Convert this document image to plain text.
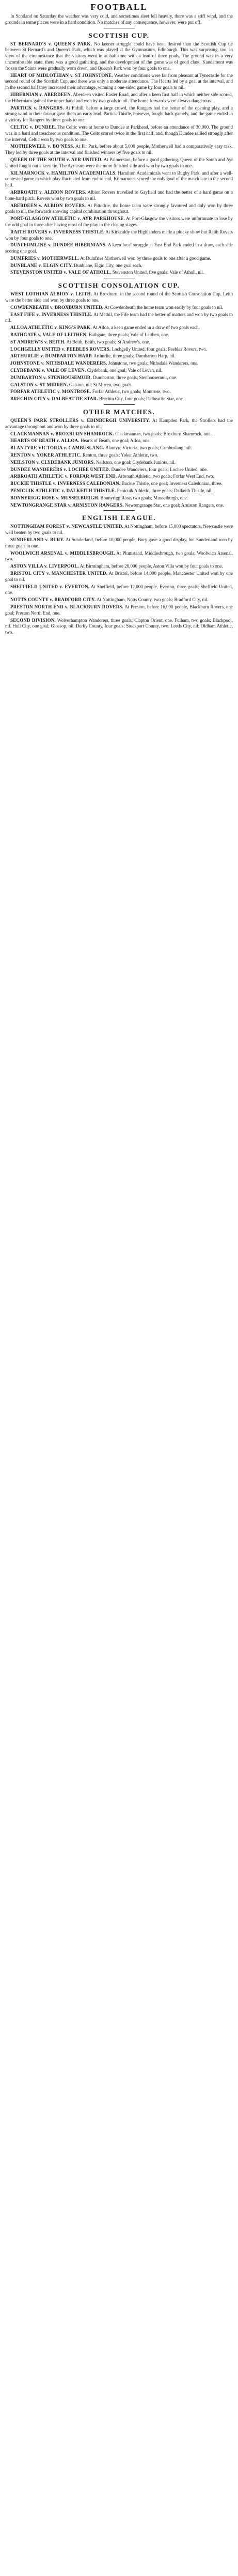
FOOTBALL

In Scotland on Saturday the weather was very cold, and sometimes sleet fell heavily, there was a stiff wind, and the grounds in some places were in a hard condition. No matches of any consequence, however, were put off.

SCOTTISH CUP.

ST BERNARD'S v. QUEEN'S PARK. No keener struggle could have been desired than the Scottish Cup tie between St Bernard's and Queen's Park, which was played at the Gymnasium, Edinburgh. This was surprising, too, in view of the circumstance that the visitors went in at half-time with a lead of three goals. The ground was in a very uncomfortable state, there was a good gathering, and the development of the game was of good class. Kandemont was frozen the Saints were gradually worn down, and Queen's Park won by four goals to one.

HEART OF MIDLOTHIAN v. ST JOHNSTONE. Weather conditions were far from pleasant at Tynecastle for the second round of the Scottish Cup, and there was only a moderate attendance. The Hearts led by a goal at the interval, and in the second half they increased their advantage, winning a one-sided game by four goals to nil.

HIBERNIAN v. ABERDEEN. Aberdeen visited Easter Road, and after a keen first half in which neither side scored, the Hibernians gained the upper hand and won by two goals to nil. The home forwards were always dangerous.

PARTICK v. RANGERS. At Firhill, before a large crowd, the Rangers had the better of the opening play, and a strong wind in their favour gave them an early lead. Partick Thistle, however, fought back gamely, and the game ended in a victory for Rangers by three goals to one.

CELTIC v. DUNDEE. The Celtic were at home to Dundee at Parkhead, before an attendance of 30,000. The ground was in a hard and treacherous condition. The Celts scored twice in the first half, and, though Dundee rallied strongly after the interval, Celtic won by two goals to one.

MOTHERWELL v. BO'NESS. At Fir Park, before about 5,000 people, Motherwell had a comparatively easy task. They led by three goals at the interval and finished winners by five goals to nil.

QUEEN OF THE SOUTH v. AYR UNITED. At Palmerston, before a good gathering, Queen of the South and Ayr United fought out a keen tie. The Ayr team were the more finished side and won by two goals to one.

KILMARNOCK v. HAMILTON ACADEMICALS. Hamilton Academicals went to Rugby Park, and after a well-contested game in which play fluctuated from end to end, Kilmarnock scored the only goal of the match late in the second half.

ARBROATH v. ALBION ROVERS. Albion Rovers travelled to Gayfield and had the better of a hard game on a bone-hard pitch. Rovers won by two goals to nil.

ABERDEEN v. ALBION ROVERS. At Pittodrie, the home team were strongly favoured and duly won by three goals to nil, the forwards showing capital combination throughout.

PORT-GLASGOW ATHLETIC v. AYR PARKHOUSE. At Port-Glasgow the visitors were unfortunate to lose by the odd goal in three after having most of the play in the closing stages.

RAITH ROVERS v. INVERNESS THISTLE. At Kirkcaldy the Highlanders made a plucky show but Raith Rovers won by four goals to one.

DUNFERMLINE v. DUNDEE HIBERNIANS. A keen local struggle at East End Park ended in a draw, each side scoring one goal.

DUMFRIES v. MOTHERWELL. At Dumfries Motherwell won by three goals to one after a good game.

DUNBLANE v. ELGIN CITY. Dunblane, Elgin City, one goal each.

STEVENSTON UNITED v. VALE OF ATHOLL. Stevenston United, five goals; Vale of Atholl, nil.

SCOTTISH CONSOLATION CUP.

WEST LOTHIAN ALBION v. LEITH. At Broxburn, in the second round of the Scottish Consolation Cup, Leith were the better side and won by three goals to one.

COWDENBEATH v. BROXBURN UNITED. At Cowdenbeath the home team won easily by four goals to nil.

EAST FIFE v. INVERNESS THISTLE. At Methil, the Fife team had the better of matters and won by two goals to nil.

ALLOA ATHLETIC v. KING'S PARK. At Alloa, a keen game ended in a draw of two goals each.

BATHGATE v. VALE OF LEITHEN. Bathgate, three goals; Vale of Leithen, one.

ST ANDREW'S v. BEITH. At Beith, Beith, two goals; St Andrew's, one.

LOCHGELLY UNITED v. PEEBLES ROVERS. Lochgelly United, four goals; Peebles Rovers, two.

ARTHURLIE v. DUMBARTON HARP. Arthurlie, three goals; Dumbarton Harp, nil.

JOHNSTONE v. NITHSDALE WANDERERS. Johnstone, two goals; Nithsdale Wanderers, one.

CLYDEBANK v. VALE OF LEVEN. Clydebank, one goal; Vale of Leven, nil.

DUMBARTON v. STENHOUSEMUIR. Dumbarton, three goals; Stenhousemuir, one.

GALSTON v. ST MIRREN. Galston, nil; St Mirren, two goals.

FORFAR ATHLETIC v. MONTROSE. Forfar Athletic, two goals; Montrose, two.

BRECHIN CITY v. DALBEATTIE STAR. Brechin City, four goals; Dalbeattie Star, one.

OTHER MATCHES.

QUEEN'S PARK STROLLERS v. EDINBURGH UNIVERSITY. At Hampden Park, the Strollers had the advantage throughout and won by three goals to nil.

CLACKMANNAN v. BROXBURN SHAMROCK. Clackmannan, two goals; Broxburn Shamrock, one.

HEARTS OF BEATH v. ALLOA. Hearts of Beath, one goal; Alloa, one.

BLANTYRE VICTORIA v. CAMBUSLANG. Blantyre Victoria, two goals; Cambuslang, nil.

RENTON v. YOKER ATHLETIC. Renton, three goals; Yoker Athletic, two.

NEILSTON v. CLYDEBANK JUNIORS. Neilston, one goal; Clydebank Juniors, nil.

DUNDEE WANDERERS v. LOCHEE UNITED. Dundee Wanderers, four goals; Lochee United, one.

ARBROATH ATHLETIC v. FORFAR WEST END. Arbroath Athletic, two goals; Forfar West End, two.

BUCKIE THISTLE v. INVERNESS CALEDONIAN. Buckie Thistle, one goal; Inverness Caledonian, three.

PENICUIK ATHLETIC v. DALKEITH THISTLE. Penicuik Athletic, three goals; Dalkeith Thistle, nil.

BONNYRIGG ROSE v. MUSSELBURGH. Bonnyrigg Rose, two goals; Musselburgh, one.

NEWTONGRANGE STAR v. ARNISTON RANGERS. Newtongrange Star, one goal; Arniston Rangers, one.

ENGLISH LEAGUE.

NOTTINGHAM FOREST v. NEWCASTLE UNITED. At Nottingham, before 15,000 spectators, Newcastle were well beaten by two goals to nil.

SUNDERLAND v. BURY. At Sunderland, before 10,000 people, Bury gave a good display, but Sunderland won by three goals to one.

WOOLWICH ARSENAL v. MIDDLESBROUGH. At Plumstead, Middlesbrough, two goals; Woolwich Arsenal, two.

ASTON VILLA v. LIVERPOOL. At Birmingham, before 20,000 people, Aston Villa won by four goals to one.

BRISTOL CITY v. MANCHESTER UNITED. At Bristol, before 14,000 people, Manchester United won by one goal to nil.

SHEFFIELD UNITED v. EVERTON. At Sheffield, before 12,000 people, Everton, three goals; Sheffield United, one.

NOTTS COUNTY v. BRADFORD CITY. At Nottingham, Notts County, two goals; Bradford City, nil.

PRESTON NORTH END v. BLACKBURN ROVERS. At Preston, before 16,000 people, Blackburn Rovers, one goal; Preston North End, one.

SECOND DIVISION. Wolverhampton Wanderers, three goals; Clapton Orient, one. Fulham, two goals; Blackpool, nil. Hull City, one goal; Glossop, nil. Derby County, four goals; Stockport County, two. Leeds City, nil; Oldham Athletic, two.
